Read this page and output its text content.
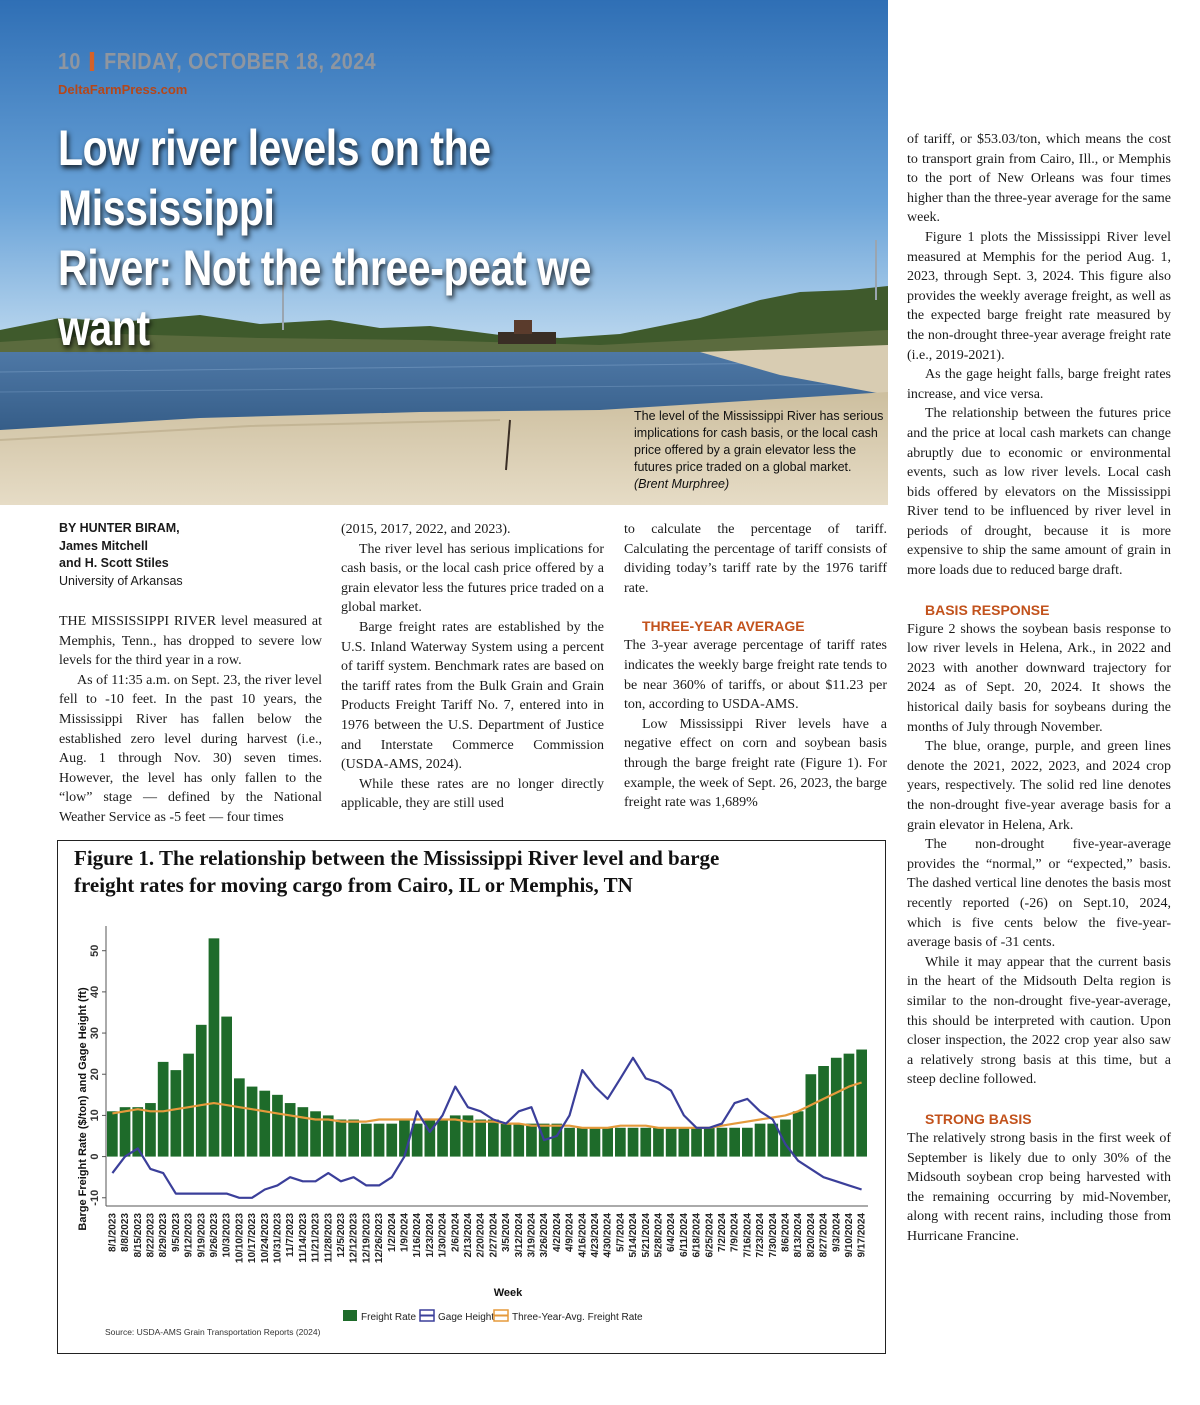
10 FRIDAY, OCTOBER 18, 2024
DeltaFarmPress.com
Low river levels on the Mississippi
River: Not the three-peat we want
The level of the Mississippi River has serious implications for cash basis, or the local cash price offered by a grain elevator less the futures price traded on a global market. (Brent Murphree)
BY HUNTER BIRAM,
James Mitchell
and H. Scott Stiles
University of Arkansas

THE MISSISSIPPI RIVER level measured at Memphis, Tenn., has dropped to severe low levels for the third year in a row.

As of 11:35 a.m. on Sept. 23, the river level fell to -10 feet. In the past 10 years, the Mississippi River has fallen below the established zero level during harvest (i.e., Aug. 1 through Nov. 30) seven times. However, the level has only fallen to the “low” stage — defined by the National Weather Service as -5 feet — four times

(2015, 2017, 2022, and 2023).

The river level has serious implications for cash basis, or the local cash price offered by a grain elevator less the futures price traded on a global market.

Barge freight rates are established by the U.S. Inland Waterway System using a percent of tariff system. Benchmark rates are based on the tariff rates from the Bulk Grain and Grain Products Freight Tariff No. 7, entered into in 1976 between the U.S. Department of Justice and Interstate Commerce Commission (USDA-AMS, 2024).

While these rates are no longer directly applicable, they are still used

to calculate the percentage of tariff. Calculating the percentage of tariff consists of dividing today’s tariff rate by the 1976 tariff rate.

THREE-YEAR AVERAGE

The 3-year average percentage of tariff rates indicates the weekly barge freight rate tends to be near 360% of tariffs, or about $11.23 per ton, according to USDA-AMS.

Low Mississippi River levels have a negative effect on corn and soybean basis through the barge freight rate (Figure 1). For example, the week of Sept. 26, 2023, the barge freight rate was 1,689%

of tariff, or $53.03/ton, which means the cost to transport grain from Cairo, Ill., or Memphis to the port of New Orleans was four times higher than the three-year average for the same week.

Figure 1 plots the Mississippi River level measured at Memphis for the period Aug. 1, 2023, through Sept. 3, 2024. This figure also provides the weekly average freight, as well as the expected barge freight rate measured by the non-drought three-year average freight rate (i.e., 2019-2021).

As the gage height falls, barge freight rates increase, and vice versa.

The relationship between the futures price and the price at local cash markets can change abruptly due to economic or environmental events, such as low river levels. Local cash bids offered by elevators on the Mississippi River tend to be influenced by river level in periods of drought, because it is more expensive to ship the same amount of grain in more loads due to reduced barge draft.

BASIS RESPONSE

Figure 2 shows the soybean basis response to low river levels in Helena, Ark., in 2022 and 2023 with another downward trajectory for 2024 as of Sept. 20, 2024. It shows the historical daily basis for soybeans during the months of July through November.

The blue, orange, purple, and green lines denote the 2021, 2022, 2023, and 2024 crop years, respectively. The solid red line denotes the non-drought five-year average basis for a grain elevator in Helena, Ark.

The non-drought five-year-average provides the “normal,” or “expected,” basis. The dashed vertical line denotes the basis most recently reported (-26) on Sept.10, 2024, which is five cents below the five-year-average basis of -31 cents.

While it may appear that the current basis in the heart of the Midsouth Delta region is similar to the non-drought five-year-average, this should be interpreted with caution. Upon closer inspection, the 2022 crop year also saw a relatively strong basis at this time, but a steep decline followed.

STRONG BASIS

The relatively strong basis in the first week of September is likely due to only 30% of the Midsouth soybean crop being harvested with the remaining occurring by mid-November, along with recent rains, including those from Hurricane Francine.

Figure 1. The relationship between the Mississippi River level and barge
freight rates for moving cargo from Cairo, IL or Memphis, TN
Barge Freight Rate ($/ton) and Gage Height (ft)
Week
-10
0
10
20
30
40
50
8/1/2023 8/8/2023 8/15/2023 8/22/2023 8/29/2023 9/5/2023 9/12/2023 9/19/2023 9/26/2023 10/3/2023 10/10/2023 10/17/2023 10/24/2023 10/31/2023 11/7/2023 11/14/2023 11/21/2023 11/28/2023 12/5/2023 12/12/2023 12/19/2023 12/26/2023 1/2/2024 1/9/2024 1/16/2024 1/23/2024 1/30/2024 2/6/2024 2/13/2024 2/20/2024 2/27/2024 3/5/2024 3/12/2024 3/19/2024 3/26/2024 4/2/2024 4/9/2024 4/16/2024 4/23/2024 4/30/2024 5/7/2024 5/14/2024 5/21/2024 5/28/2024 6/4/2024 6/11/2024 6/18/2024 6/25/2024 7/2/2024 7/9/2024 7/16/2024 7/23/2024 7/30/2024 8/6/2024 8/13/2024 8/20/2024 8/27/2024 9/3/2024 9/10/2024 9/17/2024
Freight Rate Gage Height Three-Year-Avg. Freight Rate
Source: USDA-AMS Grain Transportation Reports (2024)
